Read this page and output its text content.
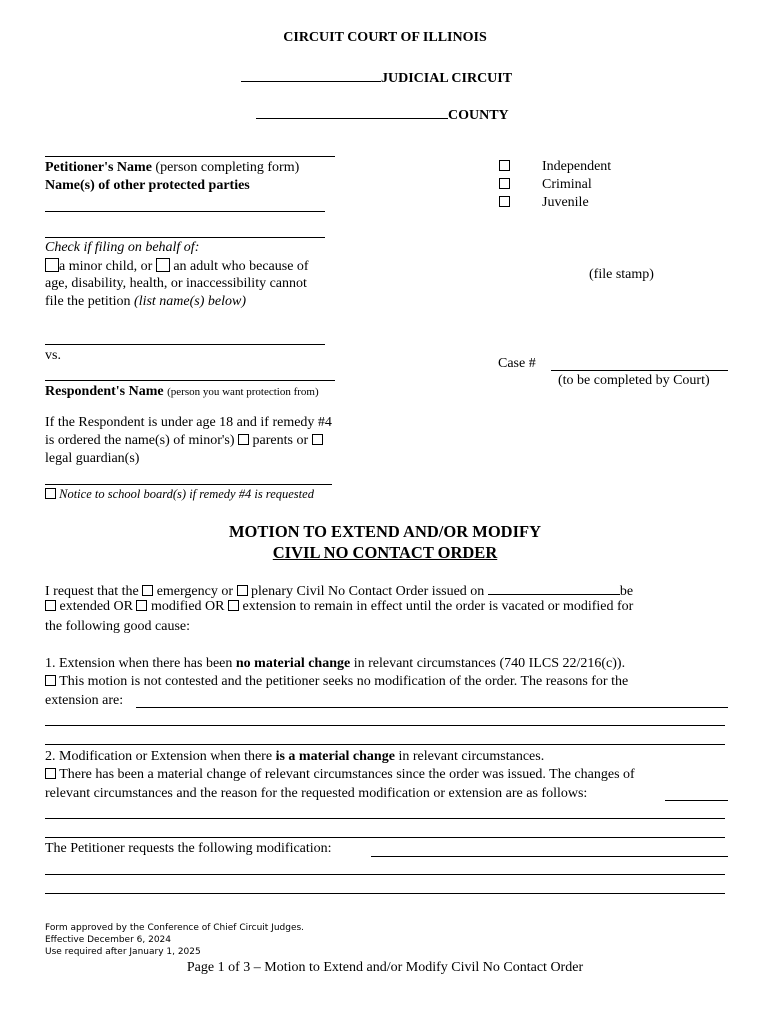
CIRCUIT COURT OF ILLINOIS
JUDICIAL CIRCUIT
COUNTY
Petitioner's Name (person completing form)
Name(s) of other protected parties
Check if filing on behalf of:
a minor child, or an adult who because of
age, disability, health, or inaccessibility cannot
file the petition (list name(s) below)
vs.
Respondent's Name (person you want protection from)
If the Respondent is under age 18 and if remedy #4
is ordered the name(s) of minor's)  parents or
legal guardian(s)
Notice to school board(s) if remedy #4 is requested
Independent
Criminal
Juvenile
(file stamp)
Case #
(to be completed by Court)
MOTION TO EXTEND AND/OR MODIFY
CIVIL NO CONTACT ORDER
I request that the  emergency or  plenary Civil No Contact Order issued on	be
extended OR  modified OR  extension to remain in effect until the order is vacated or modified for
the following good cause:
1. Extension when there has been no material change in relevant circumstances (740 ILCS 22/216(c)).
This motion is not contested and the petitioner seeks no modification of the order. The reasons for the
extension are:
2. Modification or Extension when there is a material change in relevant circumstances.
There has been a material change of relevant circumstances since the order was issued. The changes of
relevant circumstances and the reason for the requested modification or extension are as follows:
The Petitioner requests the following modification:
Form approved by the Conference of Chief Circuit Judges.
Effective December 6, 2024
Use required after January 1, 2025
Page 1 of 3 – Motion to Extend and/or Modify Civil No Contact Order
